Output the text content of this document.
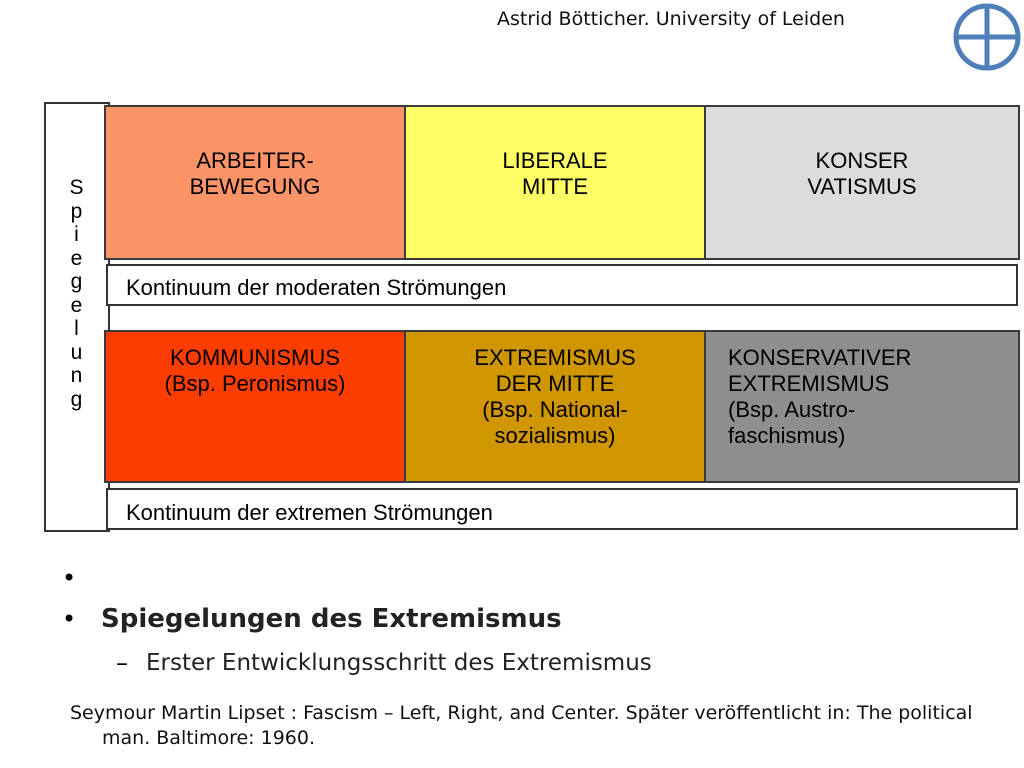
Astrid Bötticher. University of Leiden
S
p
i
e
g
e
l
u
n
g
ARBEITER-
BEWEGUNG
LIBERALE
MITTE
KONSER
VATISMUS
Kontinuum der moderaten Strömungen
KOMMUNISMUS
(Bsp. Peronismus)
EXTREMISMUS
DER MITTE
(Bsp. National-
sozialismus)
KONSERVATIVER
EXTREMISMUS
(Bsp. Austro-
faschismus)
Kontinuum der extremen Strömungen
•
• Spiegelungen des Extremismus
– Erster Entwicklungsschritt des Extremismus
Seymour Martin Lipset : Fascism – Left, Right, and Center. Später veröffentlicht in: The political man. Baltimore: 1960.
